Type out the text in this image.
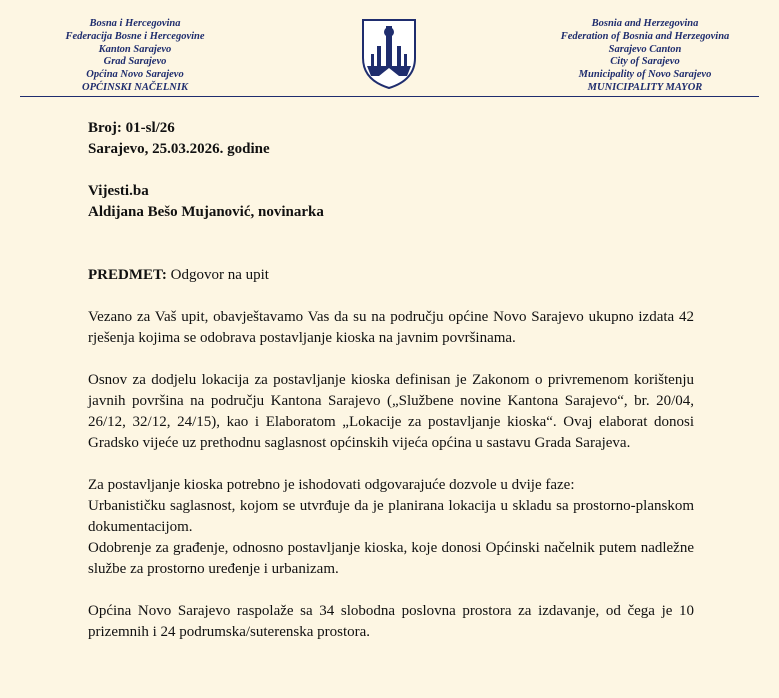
Bosna i Hercegovina
Federacija Bosne i Hercegovine
Kanton Sarajevo
Grad Sarajevo
Općina Novo Sarajevo
OPĆINSKI NAČELNIK
Bosnia and Herzegovina
Federation of Bosnia and Herzegovina
Sarajevo Canton
City of Sarajevo
Municipality of Novo Sarajevo
MUNICIPALITY MAYOR
Broj: 01-sl/26
Sarajevo, 25.03.2026. godine
Vijesti.ba
Aldijana Bešo Mujanović, novinarka
PREDMET: Odgovor na upit

Vezano za Vaš upit, obavještavamo Vas da su na području općine Novo Sarajevo ukupno izdata 42 rješenja kojima se odobrava postavljanje kioska na javnim površinama.

Osnov za dodjelu lokacija za postavljanje kioska definisan je Zakonom o privremenom korištenju javnih površina na području Kantona Sarajevo („Službene novine Kantona Sarajevo“, br. 20/04, 26/12, 32/12, 24/15), kao i Elaboratom „Lokacije za postavljanje kioska“. Ovaj elaborat donosi Gradsko vijeće uz prethodnu saglasnost općinskih vijeća općina u sastavu Grada Sarajeva.

Za postavljanje kioska potrebno je ishodovati odgovarajuće dozvole u dvije faze:

Urbanističku saglasnost, kojom se utvrđuje da je planirana lokacija u skladu sa prostorno-planskom dokumentacijom.

Odobrenje za građenje, odnosno postavljanje kioska, koje donosi Općinski načelnik putem nadležne službe za prostorno uređenje i urbanizam.

Općina Novo Sarajevo raspolaže sa 34 slobodna poslovna prostora za izdavanje, od čega je 10 prizemnih i 24 podrumska/suterenska prostora.
